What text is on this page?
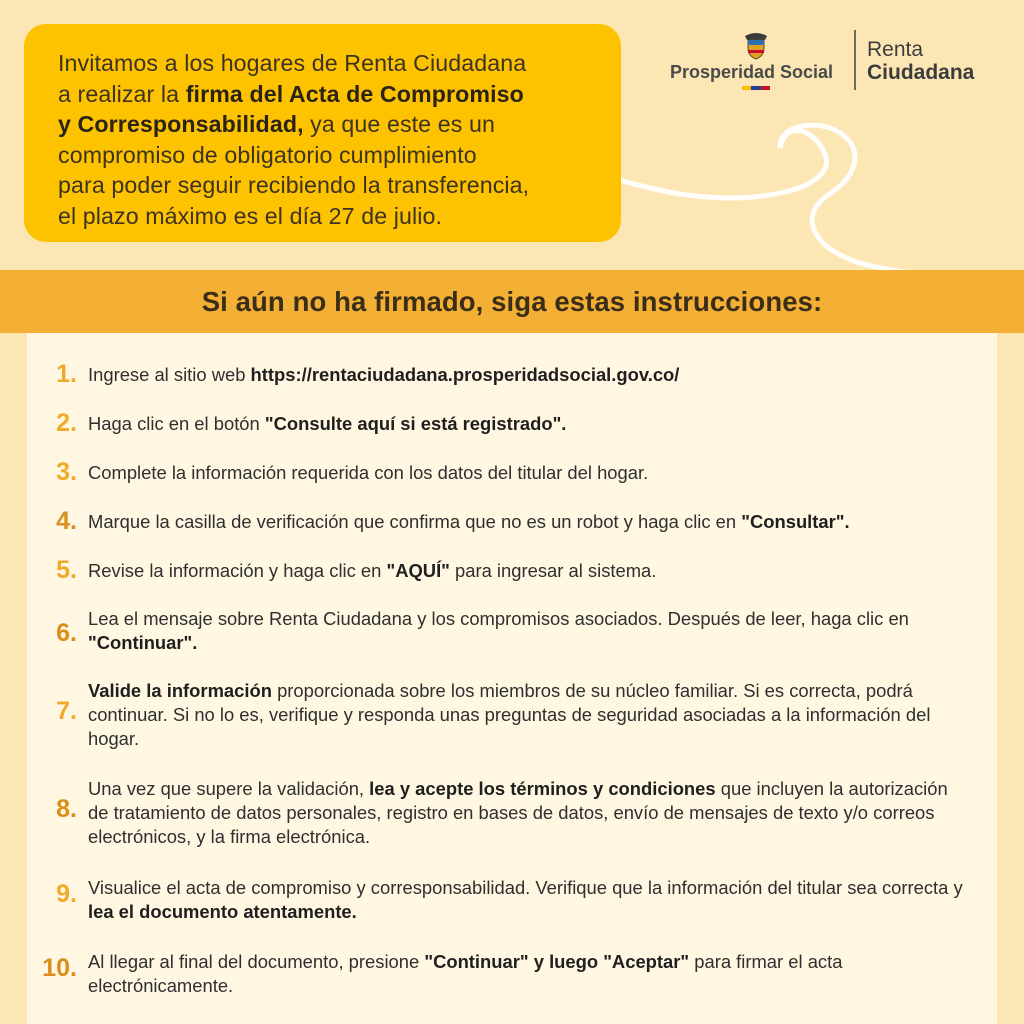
Invitamos a los hogares de Renta Ciudadana
a realizar la firma del Acta de Compromiso
y Corresponsabilidad, ya que este es un
compromiso de obligatorio cumplimiento
para poder seguir recibiendo la transferencia,
el plazo máximo es el día 27 de julio.

Prosperidad Social
Renta
Ciudadana
Si aún no ha firmado, siga estas instrucciones:
1. Ingrese al sitio web https://rentaciudadana.prosperidadsocial.gov.co/
2. Haga clic en el botón "Consulte aquí si está registrado".
3. Complete la información requerida con los datos del titular del hogar.
4. Marque la casilla de verificación que confirma que no es un robot y haga clic en "Consultar".
5. Revise la información y haga clic en "AQUÍ" para ingresar al sistema.
6.
Lea el mensaje sobre Renta Ciudadana y los compromisos asociados. Después de leer, haga clic en "Continuar".
7.
Valide la información proporcionada sobre los miembros de su núcleo familiar. Si es correcta, podrá continuar. Si no lo es, verifique y responda unas preguntas de seguridad asociadas a la información del hogar.
8.
Una vez que supere la validación, lea y acepte los términos y condiciones que incluyen la autorización de tratamiento de datos personales, registro en bases de datos, envío de mensajes de texto y/o correos electrónicos, y la firma electrónica.
9. Visualice el acta de compromiso y corresponsabilidad. Verifique que la información del titular sea correcta y lea el documento atentamente.
10. Al llegar al final del documento, presione "Continuar" y luego "Aceptar" para firmar el acta electrónicamente.
